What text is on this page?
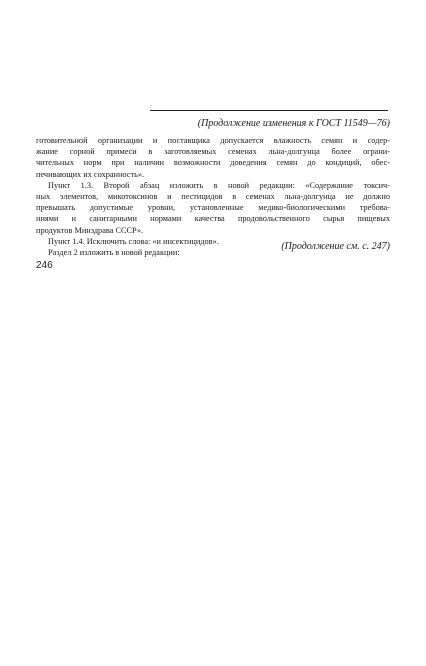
(Продолжение изменения к ГОСТ 11549—76)
готовительной организации и поставщика допускается влажность семян и содер-
жание сорной примеси в заготовляемых семенах льна-долгунца более ограни-
чительных норм при наличии возможности доведения семян до кондиций, обес-
печивающих их сохранность».
Пункт 1.3. Второй абзац изложить в новой редакции: «Содержание токсич-
ных элементов, микотоксинов и пестицидов в семенах льна-долгунца не должно
превышать допустимые уровни, установленные медико-биологическими требова-
ниями и санитарными нормами качества продовольственного сырья пищевых
продуктов Минздрава СССР».
Пункт 1.4. Исключить слова: «и инсектицидов».
Раздел 2 изложить в новой редакции:
(Продолжение см. с. 247)
246
